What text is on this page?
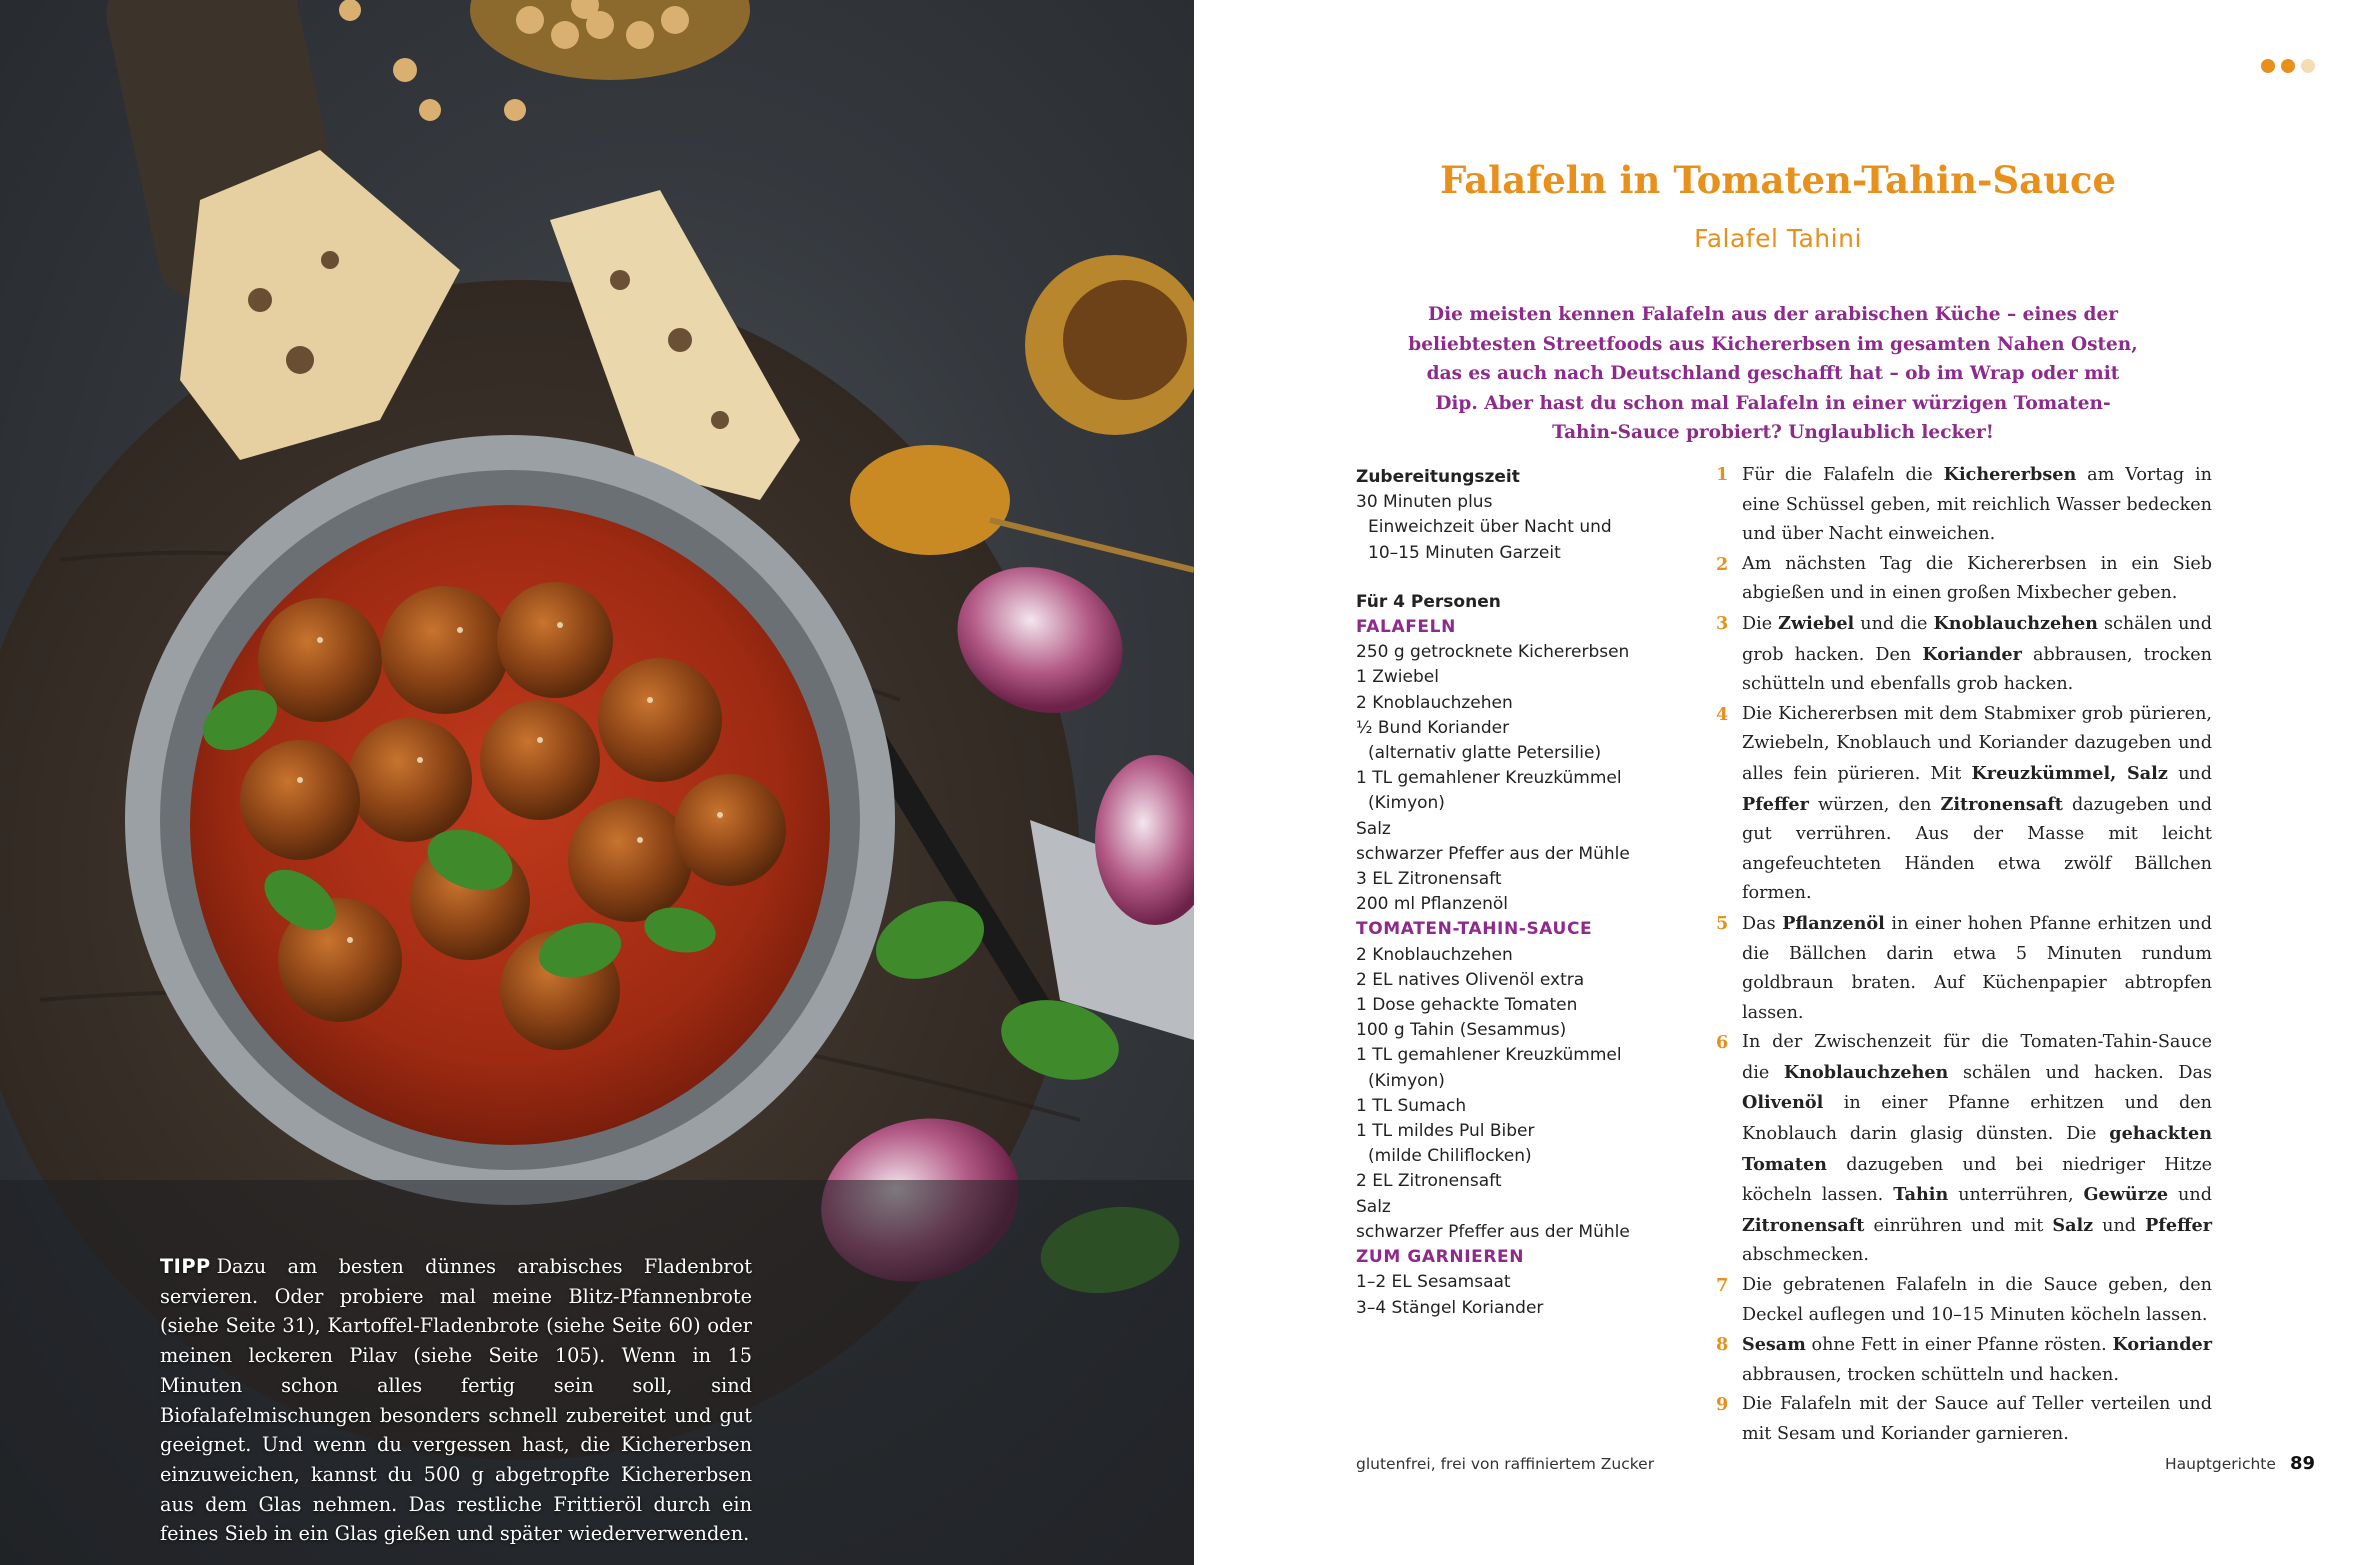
TIPP Dazu am besten dünnes arabisches Fladenbrot servieren. Oder probiere mal meine Blitz-Pfannenbrote (siehe Seite 31), Kartoffel-Fladenbrote (siehe Seite 60) oder meinen leckeren Pilav (siehe Seite 105). Wenn in 15 Minuten schon alles fertig sein soll, sind Biofalafelmischungen besonders schnell zubereitet und gut geeignet. Und wenn du vergessen hast, die Kichererbsen einzuweichen, kannst du 500 g abgetropfte Kichererbsen aus dem Glas nehmen. Das restliche Frittieröl durch ein feines Sieb in ein Glas gießen und später wiederverwenden.
Falafeln in Tomaten-Tahin-Sauce
Falafel Tahini
Die meisten kennen Falafeln aus der arabischen Küche – eines der beliebtesten Streetfoods aus Kichererbsen im gesamten Nahen Osten, das es auch nach Deutschland geschafft hat – ob im Wrap oder mit Dip. Aber hast du schon mal Falafeln in einer würzigen Tomaten-Tahin-Sauce probiert? Unglaublich lecker!
Zubereitungszeit
30 Minuten plus
Einweichzeit über Nacht und
10–15 Minuten Garzeit
Für 4 Personen
FALAFELN
250 g getrocknete Kichererbsen
1 Zwiebel
2 Knoblauchzehen
½ Bund Koriander
(alternativ glatte Petersilie)
1 TL gemahlener Kreuzkümmel
(Kimyon)
Salz
schwarzer Pfeffer aus der Mühle
3 EL Zitronensaft
200 ml Pflanzenöl
TOMATEN-TAHIN-SAUCE
2 Knoblauchzehen
2 EL natives Olivenöl extra
1 Dose gehackte Tomaten
100 g Tahin (Sesammus)
1 TL gemahlener Kreuzkümmel
(Kimyon)
1 TL Sumach
1 TL mildes Pul Biber
(milde Chiliflocken)
2 EL Zitronensaft
Salz
schwarzer Pfeffer aus der Mühle
ZUM GARNIEREN
1–2 EL Sesamsaat
3–4 Stängel Koriander
1 Für die Falafeln die Kichererbsen am Vortag in eine Schüssel geben, mit reichlich Wasser bedecken und über Nacht einweichen.
2 Am nächsten Tag die Kichererbsen in ein Sieb abgießen und in einen großen Mixbecher geben.
3 Die Zwiebel und die Knoblauchzehen schälen und grob hacken. Den Koriander abbrausen, trocken schütteln und ebenfalls grob hacken.
4 Die Kichererbsen mit dem Stabmixer grob pürieren, Zwiebeln, Knoblauch und Koriander dazugeben und alles fein pürieren. Mit Kreuzkümmel, Salz und Pfeffer würzen, den Zitronensaft dazugeben und gut verrühren. Aus der Masse mit leicht angefeuchteten Händen etwa zwölf Bällchen formen.
5 Das Pflanzenöl in einer hohen Pfanne erhitzen und die Bällchen darin etwa 5 Minuten rundum goldbraun braten. Auf Küchenpapier abtropfen lassen.
6 In der Zwischenzeit für die Tomaten-Tahin-Sauce die Knoblauchzehen schälen und hacken. Das Olivenöl in einer Pfanne erhitzen und den Knoblauch darin glasig dünsten. Die gehackten Tomaten dazugeben und bei niedriger Hitze köcheln lassen. Tahin unterrühren, Gewürze und Zitronensaft einrühren und mit Salz und Pfeffer abschmecken.
7 Die gebratenen Falafeln in die Sauce geben, den Deckel auflegen und 10–15 Minuten köcheln lassen.
8 Sesam ohne Fett in einer Pfanne rösten. Koriander abbrausen, trocken schütteln und hacken.
9 Die Falafeln mit der Sauce auf Teller verteilen und mit Sesam und Koriander garnieren.
glutenfrei, frei von raffiniertem Zucker	Hauptgerichte 89
